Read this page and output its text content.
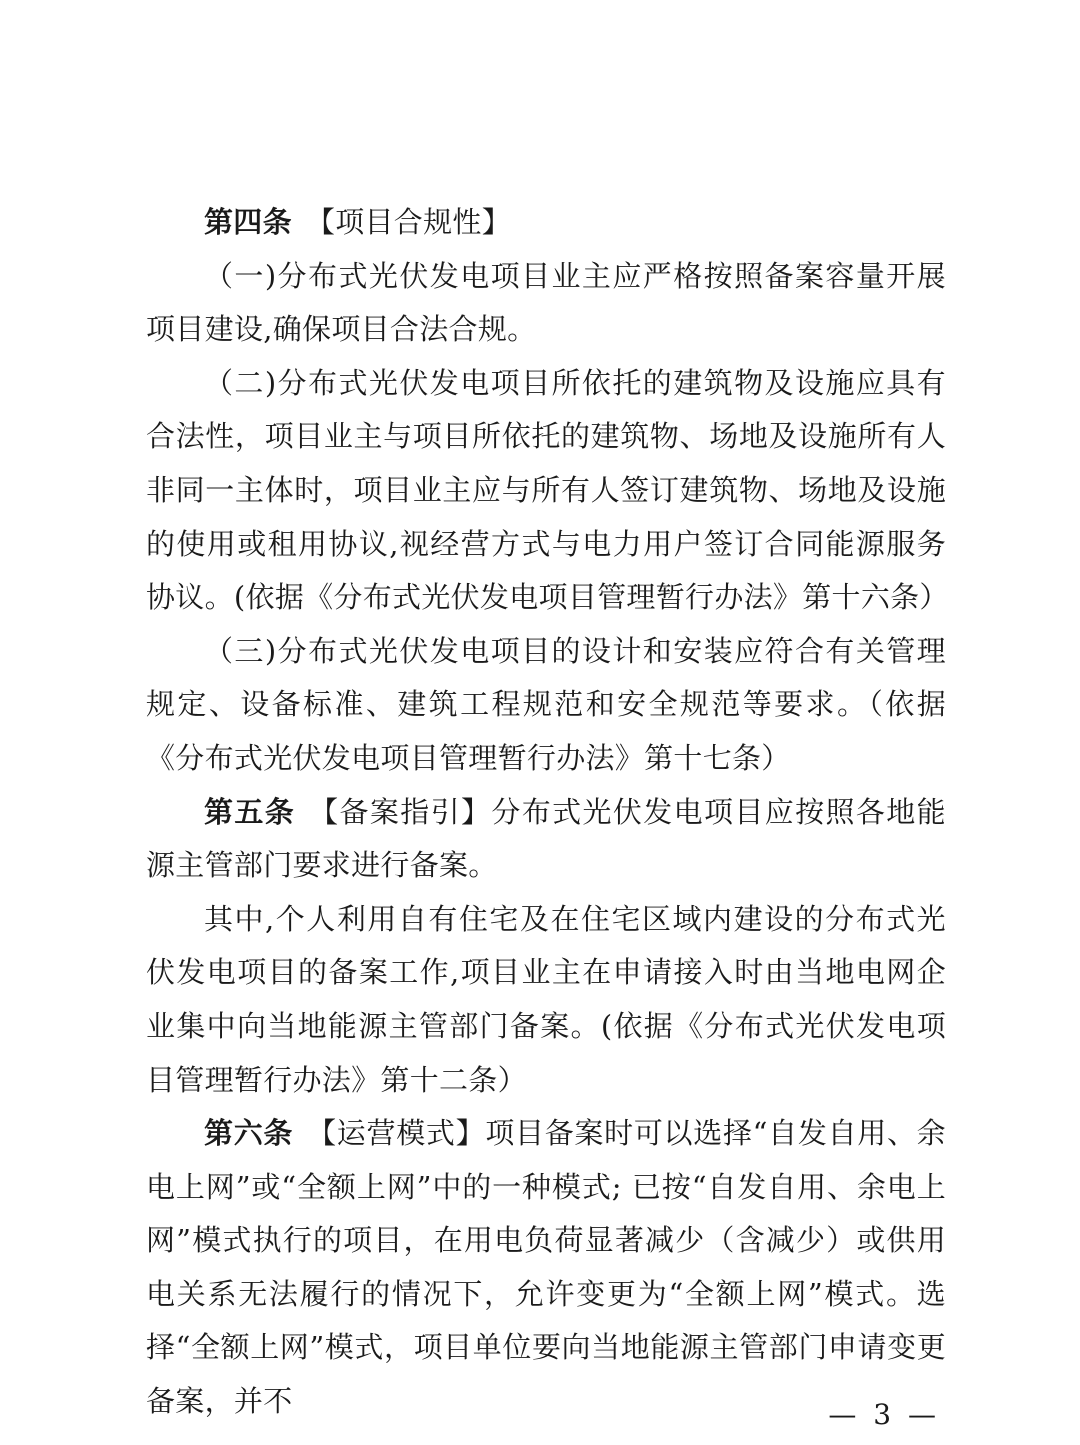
第四条 【项目合规性】

（一)分布式光伏发电项目业主应严格按照备案容量开展项目建设,确保项目合法合规。

（二)分布式光伏发电项目所依托的建筑物及设施应具有合法性，项目业主与项目所依托的建筑物、场地及设施所有人非同一主体时，项目业主应与所有人签订建筑物、场地及设施的使用或租用协议,视经营方式与电力用户签订合同能源服务协议。(依据《分布式光伏发电项目管理暂行办法》第十六条）

（三)分布式光伏发电项目的设计和安装应符合有关管理规定、设备标准、建筑工程规范和安全规范等要求。（依据《分布式光伏发电项目管理暂行办法》第十七条）

第五条 【备案指引】分布式光伏发电项目应按照各地能源主管部门要求进行备案。

其中,个人利用自有住宅及在住宅区域内建设的分布式光伏发电项目的备案工作,项目业主在申请接入时由当地电网企业集中向当地能源主管部门备案。(依据《分布式光伏发电项目管理暂行办法》第十二条）

第六条 【运营模式】项目备案时可以选择“自发自用、余电上网”或“全额上网”中的一种模式; 已按“自发自用、余电上网”模式执行的项目，在用电负荷显著减少（含减少）或供用电关系无法履行的情况下，允许变更为“全额上网”模式。选择“全额上网”模式，项目单位要向当地能源主管部门申请变更备案，并不	— 3 —
